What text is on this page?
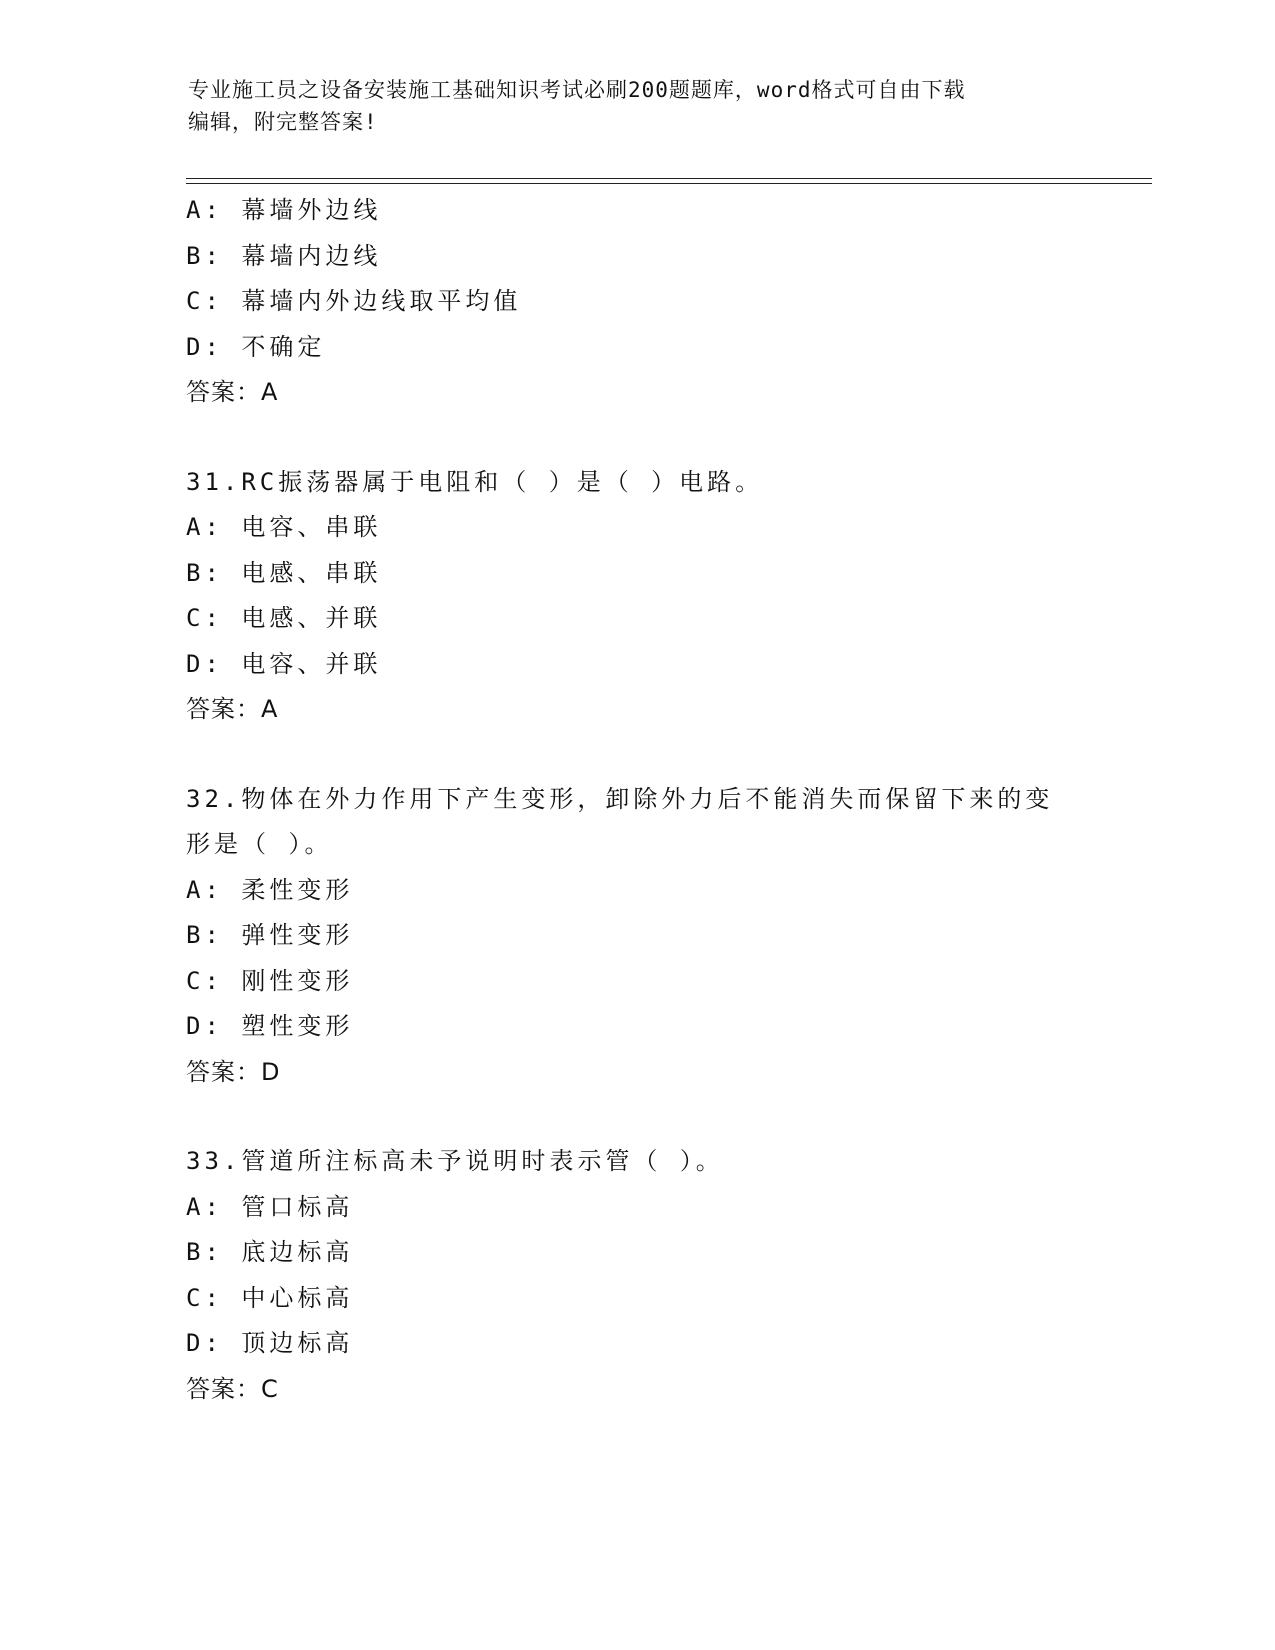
专业施工员之设备安装施工基础知识考试必刷200题题库，word格式可自由下载
编辑，附完整答案!
A: 幕墙外边线
B: 幕墙内边线
C: 幕墙内外边线取平均值
D: 不确定
答案：A
31.RC振荡器属于电阻和（ ）是（ ）电路。
A: 电容、串联
B: 电感、串联
C: 电感、并联
D: 电容、并联
答案：A
32.物体在外力作用下产生变形，卸除外力后不能消失而保留下来的变
形是（ ）。
A: 柔性变形
B: 弹性变形
C: 刚性变形
D: 塑性变形
答案：D
33.管道所注标高未予说明时表示管（ ）。
A: 管口标高
B: 底边标高
C: 中心标高
D: 顶边标高
答案：C
